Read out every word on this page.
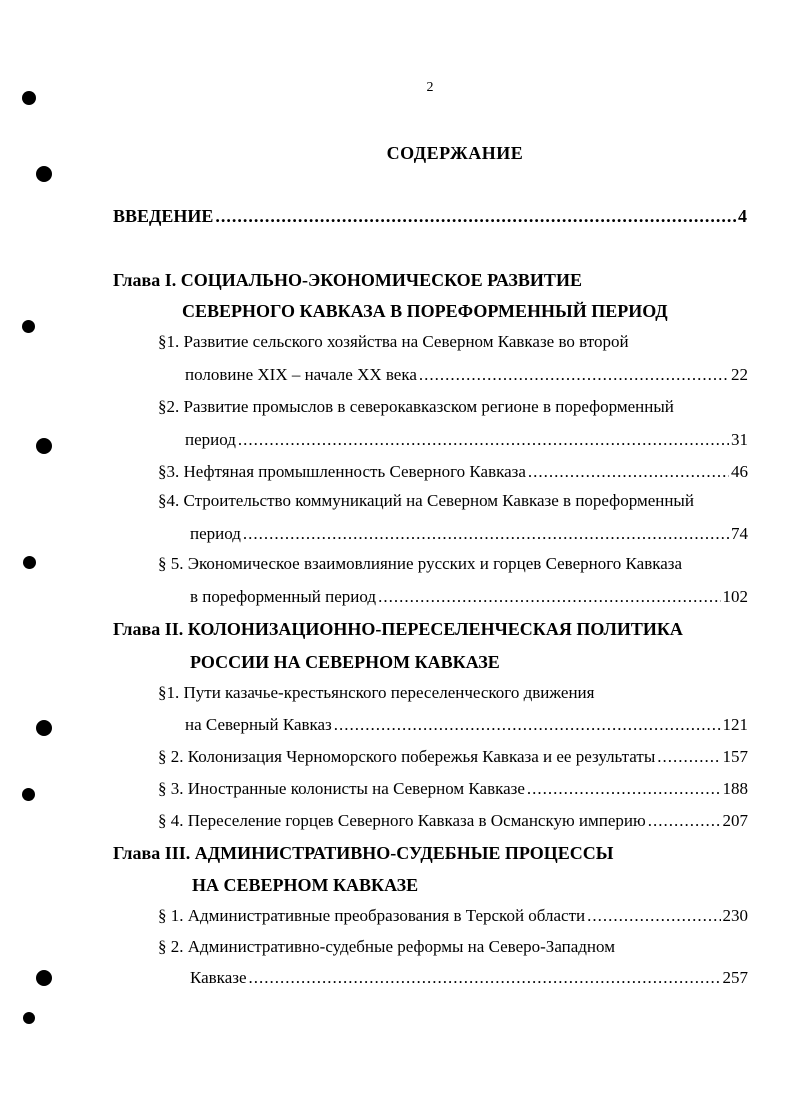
2
СОДЕРЖАНИЕ
ВВЕДЕНИЕ .....	4
Глава I. СОЦИАЛЬНО-ЭКОНОМИЧЕСКОЕ РАЗВИТИЕ
СЕВЕРНОГО КАВКАЗА В ПОРЕФОРМЕННЫЙ ПЕРИОД
§1. Развитие сельского хозяйства на Северном Кавказе во второй
половине XIX – начале XX века .....	22
§2. Развитие промыслов в северокавказском регионе в пореформенный
период .....	31
§3. Нефтяная промышленность Северного Кавказа .....	46
§4. Строительство коммуникаций на Северном Кавказе в пореформенный
период .....	74
§ 5. Экономическое взаимовлияние русских и горцев Северного Кавказа
в пореформенный период .....	102
Глава II. КОЛОНИЗАЦИОННО-ПЕРЕСЕЛЕНЧЕСКАЯ ПОЛИТИКА
РОССИИ НА СЕВЕРНОМ КАВКАЗЕ
§1. Пути казачье-крестьянского переселенческого движения
на Северный Кавказ .....	121
§ 2. Колонизация Черноморского побережья Кавказа и ее результаты .....	157
§ 3. Иностранные колонисты на Северном Кавказе .....	188
§ 4. Переселение горцев Северного Кавказа в Османскую империю .....	207
Глава III. АДМИНИСТРАТИВНО-СУДЕБНЫЕ ПРОЦЕССЫ
НА СЕВЕРНОМ КАВКАЗЕ
§ 1. Административные преобразования в Терской области .....	230
§ 2. Административно-судебные реформы на Северо-Западном
Кавказе .....	257
